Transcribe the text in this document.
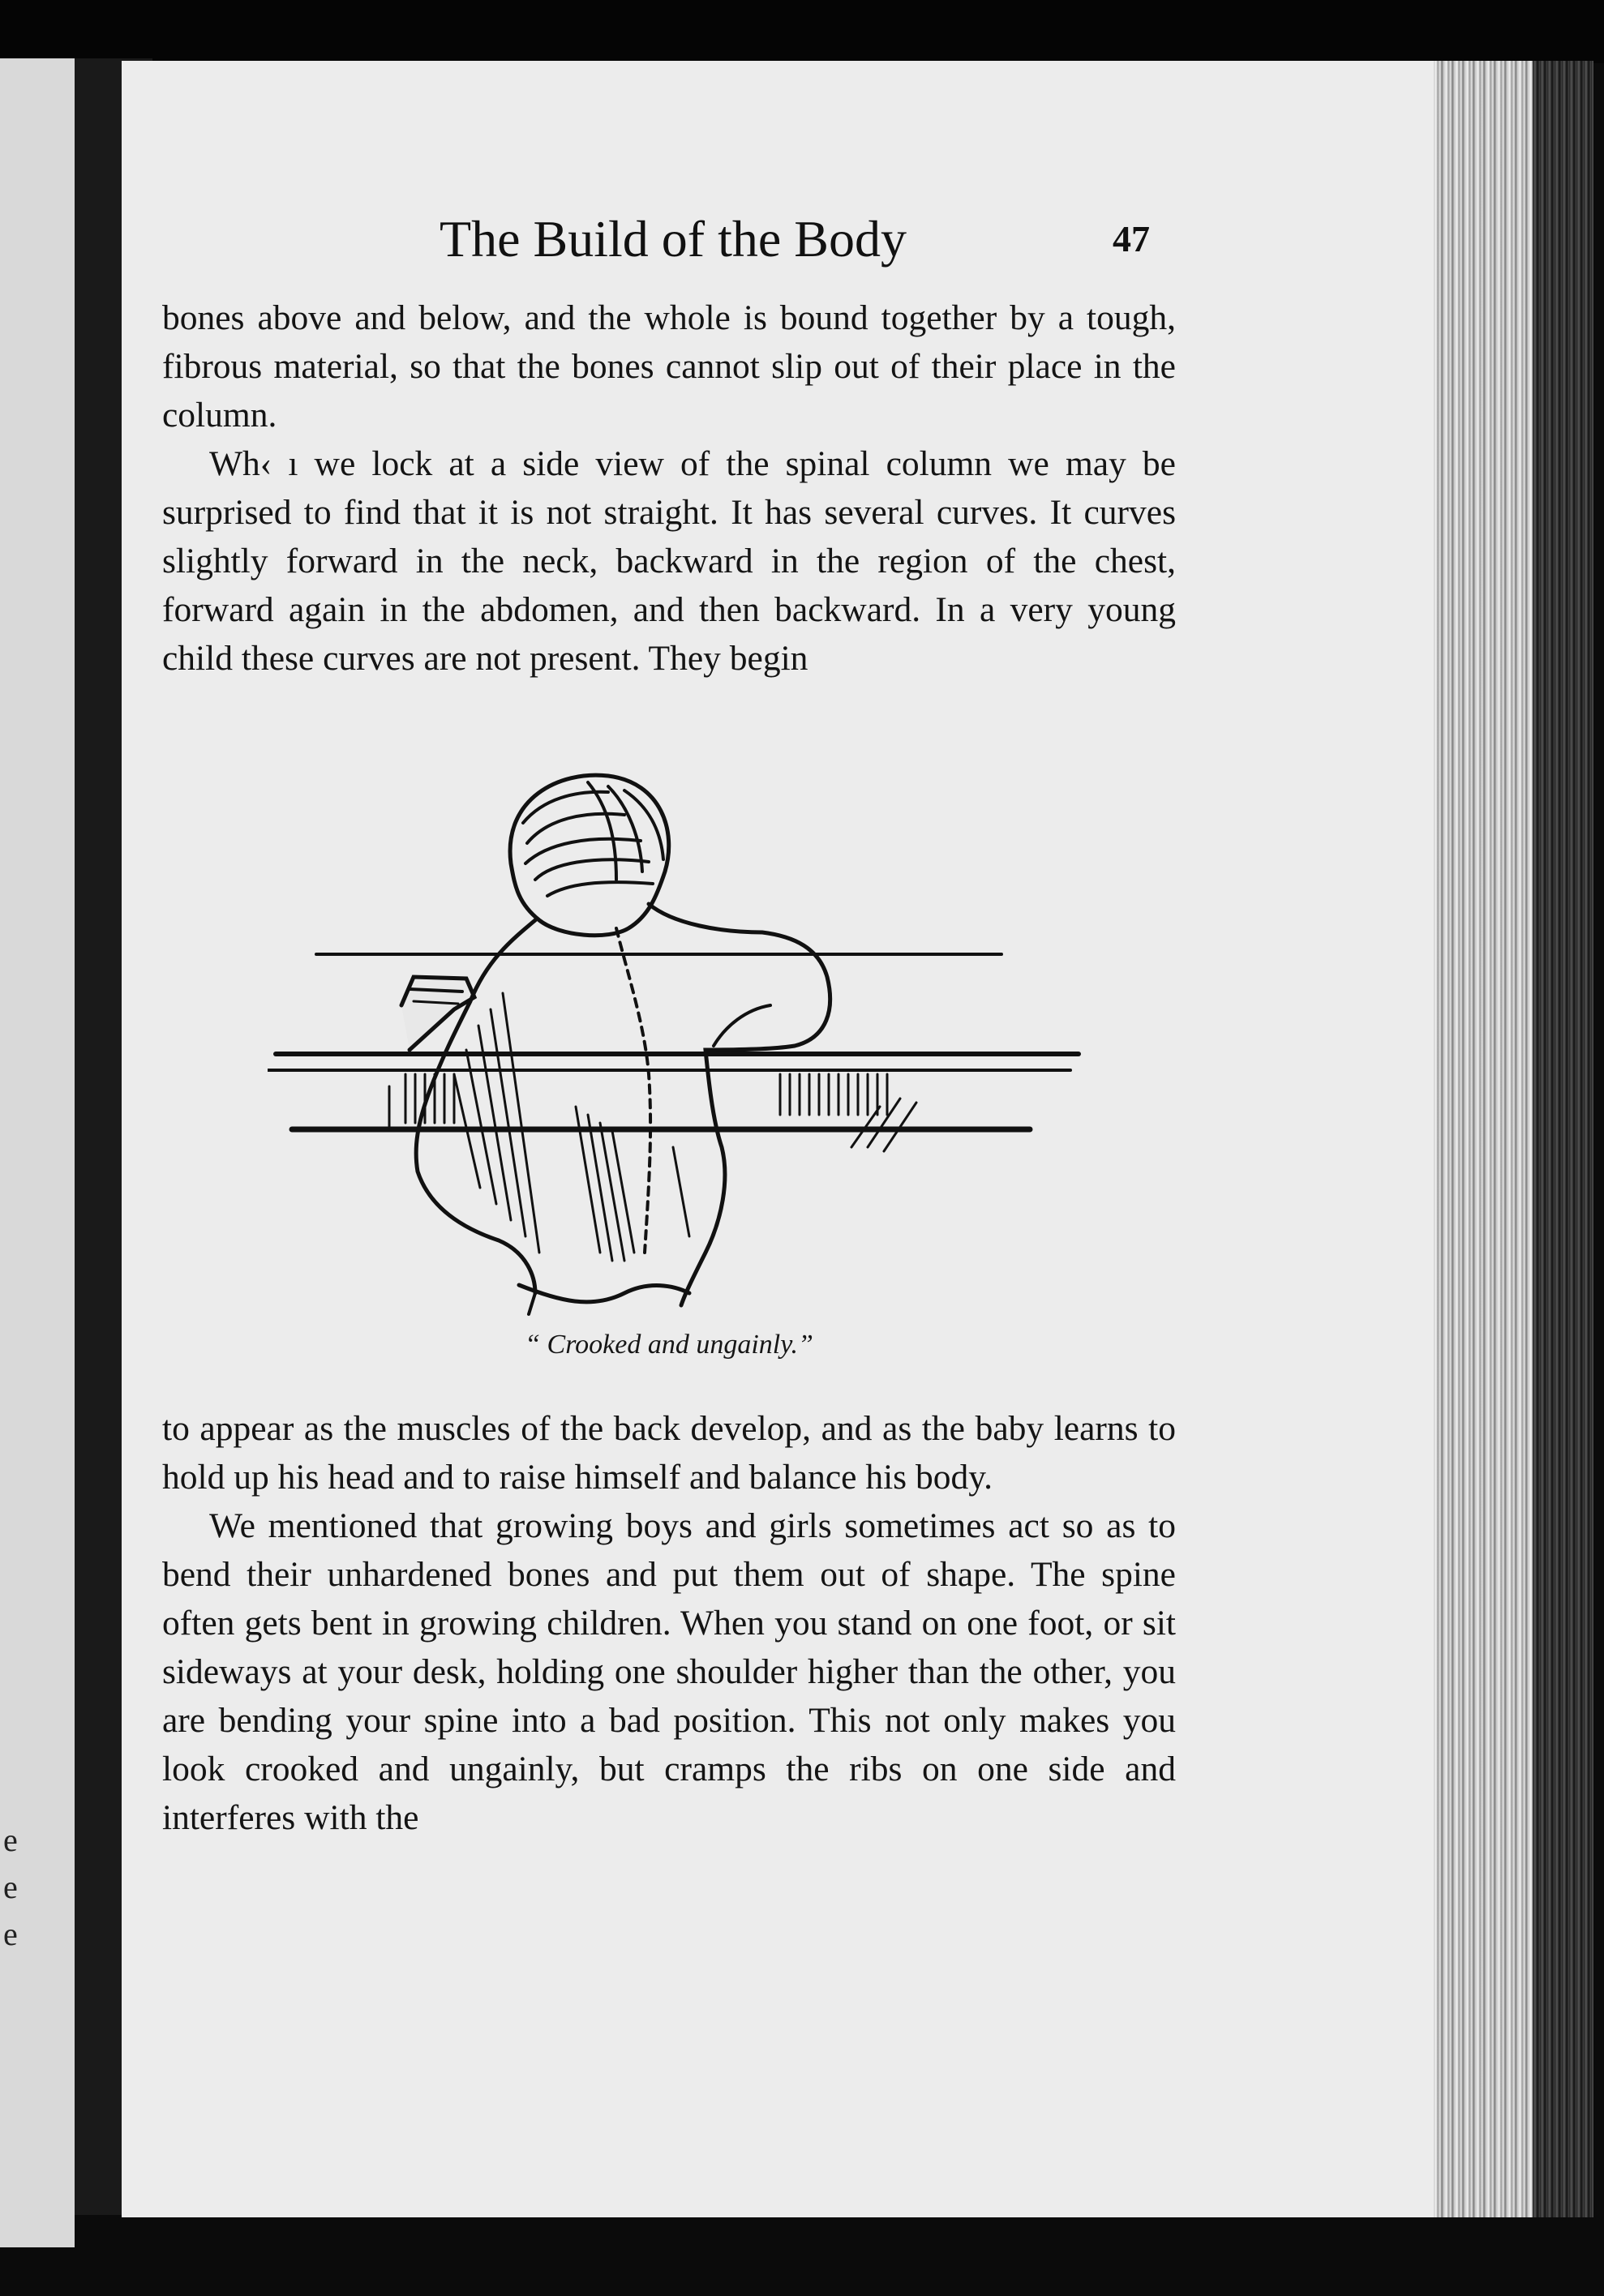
e
e
e
The Build of the Body	47

bones above and below, and the whole is bound together by a tough, fibrous material, so that the bones cannot slip out of their place in the column.

Wh‹ ı we lock at a side view of the spinal column we may be surprised to find that it is not straight. It has several curves. It curves slightly forward in the neck, backward in the region of the chest, forward again in the abdomen, and then backward. In a very young child these curves are not present. They begin

“ Crooked and ungainly.”

to appear as the muscles of the back develop, and as the baby learns to hold up his head and to raise himself and balance his body.

We mentioned that growing boys and girls sometimes act so as to bend their unhardened bones and put them out of shape. The spine often gets bent in growing children. When you stand on one foot, or sit sideways at your desk, holding one shoulder higher than the other, you are bending your spine into a bad position. This not only makes you look crooked and ungainly, but cramps the ribs on one side and interferes with the
